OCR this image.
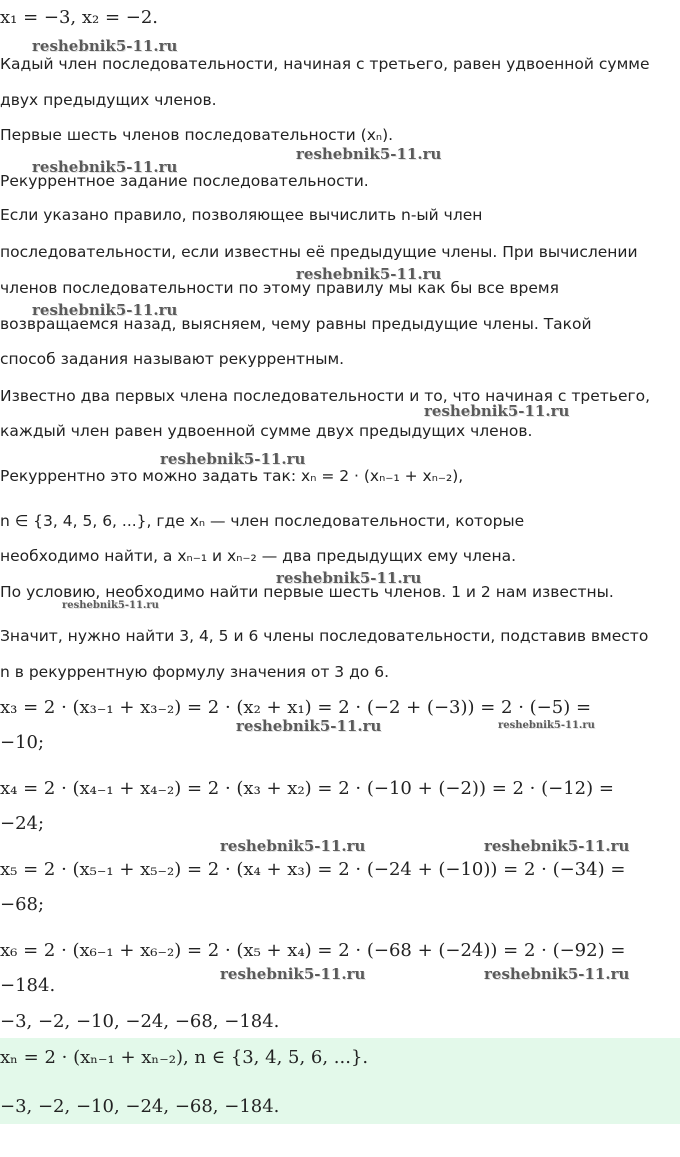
x₁ = −3, x₂ = −2.
Кадый член последовательности, начиная с третьего, равен удвоенной сумме
двух предыдущих членов.
Первые шесть членов последовательности (xₙ).
Рекуррентное задание последовательности.
Если указано правило, позволяющее вычислить n-ый член
последовательности, если известны её предыдущие члены. При вычислении
членов последовательности по этому правилу мы как бы все время
возвращаемся назад, выясняем, чему равны предыдущие члены. Такой
способ задания называют рекуррентным.
Известно два первых члена последовательности и то, что начиная с третьего,
каждый член равен удвоенной сумме двух предыдущих членов.
Рекуррентно это можно задать так: xₙ = 2 · (xₙ₋₁ + xₙ₋₂),
n ∈ {3, 4, 5, 6, ...}, где xₙ — член последовательности, которые
необходимо найти, а xₙ₋₁ и xₙ₋₂ — два предыдущих ему члена.
По условию, необходимо найти первые шесть членов. 1 и 2 нам известны.
Значит, нужно найти 3, 4, 5 и 6 члены последовательности, подставив вместо
n в рекуррентную формулу значения от 3 до 6.
x₃ = 2 · (x₃₋₁ + x₃₋₂) = 2 · (x₂ + x₁) = 2 · (−2 + (−3)) = 2 · (−5) =
−10;
x₄ = 2 · (x₄₋₁ + x₄₋₂) = 2 · (x₃ + x₂) = 2 · (−10 + (−2)) = 2 · (−12) =
−24;
x₅ = 2 · (x₅₋₁ + x₅₋₂) = 2 · (x₄ + x₃) = 2 · (−24 + (−10)) = 2 · (−34) =
−68;
x₆ = 2 · (x₆₋₁ + x₆₋₂) = 2 · (x₅ + x₄) = 2 · (−68 + (−24)) = 2 · (−92) =
−184.
−3, −2, −10, −24, −68, −184.
xₙ = 2 · (xₙ₋₁ + xₙ₋₂), n ∈ {3, 4, 5, 6, ...}.
−3, −2, −10, −24, −68, −184.
reshebnik5-11.ru
reshebnik5-11.ru
reshebnik5-11.ru
reshebnik5-11.ru
reshebnik5-11.ru
reshebnik5-11.ru
reshebnik5-11.ru
reshebnik5-11.ru
reshebnik5-11.ru
reshebnik5-11.ru	reshebnik5-11.ru
reshebnik5-11.ru	reshebnik5-11.ru
reshebnik5-11.ru	reshebnik5-11.ru
